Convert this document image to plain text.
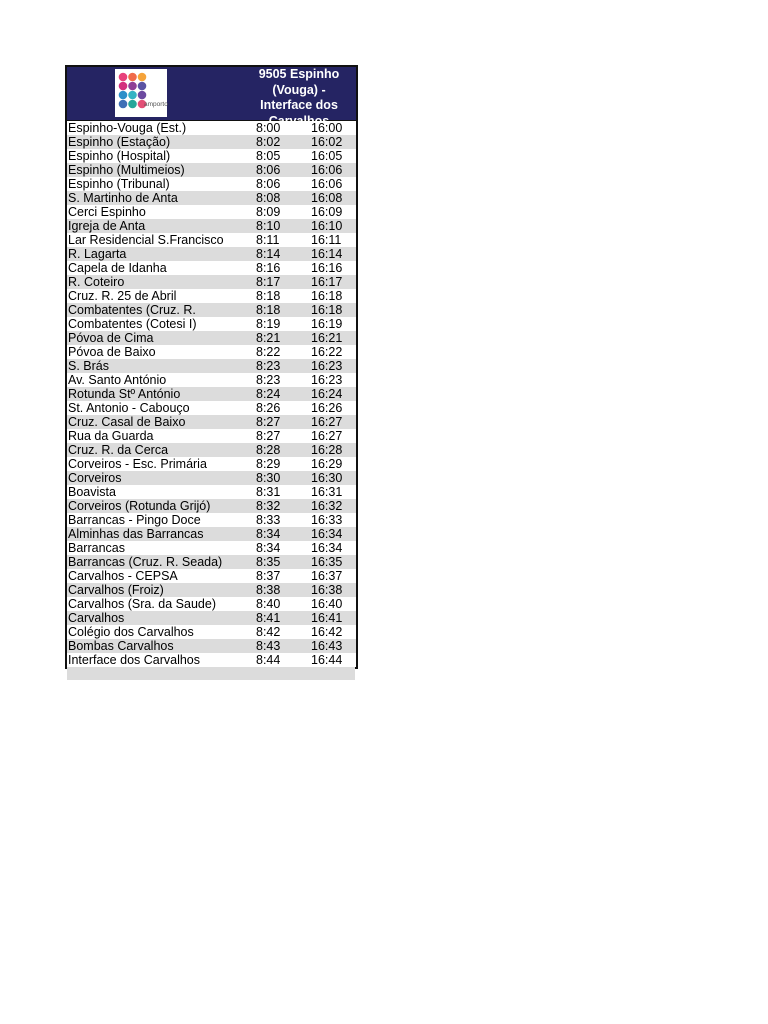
amporto
9505 Espinho (Vouga) - Interface dos Carvalhos
Espinho-Vouga (Est.)	8:00 16:00
Espinho (Estação)	8:02 16:02
Espinho (Hospital)	8:05 16:05
Espinho (Multimeios)	8:06 16:06
Espinho (Tribunal)	8:06 16:06
S. Martinho de Anta	8:08 16:08
Cerci Espinho	8:09 16:09
Igreja de Anta	8:10 16:10
Lar Residencial S.Francisco	8:11	16:11
R. Lagarta	8:14 16:14
Capela de Idanha	8:16 16:16
R. Coteiro	8:17 16:17
Cruz. R. 25 de Abril	8:18 16:18
Combatentes (Cruz. R.	8:18 16:18
Combatentes (Cotesi I)	8:19 16:19
Póvoa de Cima	8:21 16:21
Póvoa de Baixo	8:22 16:22
S. Brás	8:23 16:23
Av. Santo António	8:23 16:23
Rotunda Stº António	8:24 16:24
St. Antonio - Cabouço	8:26 16:26
Cruz. Casal de Baixo	8:27 16:27
Rua da Guarda	8:27 16:27
Cruz. R. da Cerca	8:28 16:28
Corveiros - Esc. Primária	8:29 16:29
Corveiros	8:30 16:30
Boavista	8:31 16:31
Corveiros (Rotunda Grijó)	8:32 16:32
Barrancas - Pingo Doce	8:33 16:33
Alminhas das Barrancas	8:34 16:34
Barrancas	8:34 16:34
Barrancas (Cruz. R. Seada)	8:35 16:35
Carvalhos - CEPSA	8:37 16:37
Carvalhos (Froiz)	8:38 16:38
Carvalhos (Sra. da Saude)	8:40 16:40
Carvalhos	8:41 16:41
Colégio dos Carvalhos	8:42 16:42
Bombas Carvalhos	8:43 16:43
Interface dos Carvalhos	8:44 16:44
